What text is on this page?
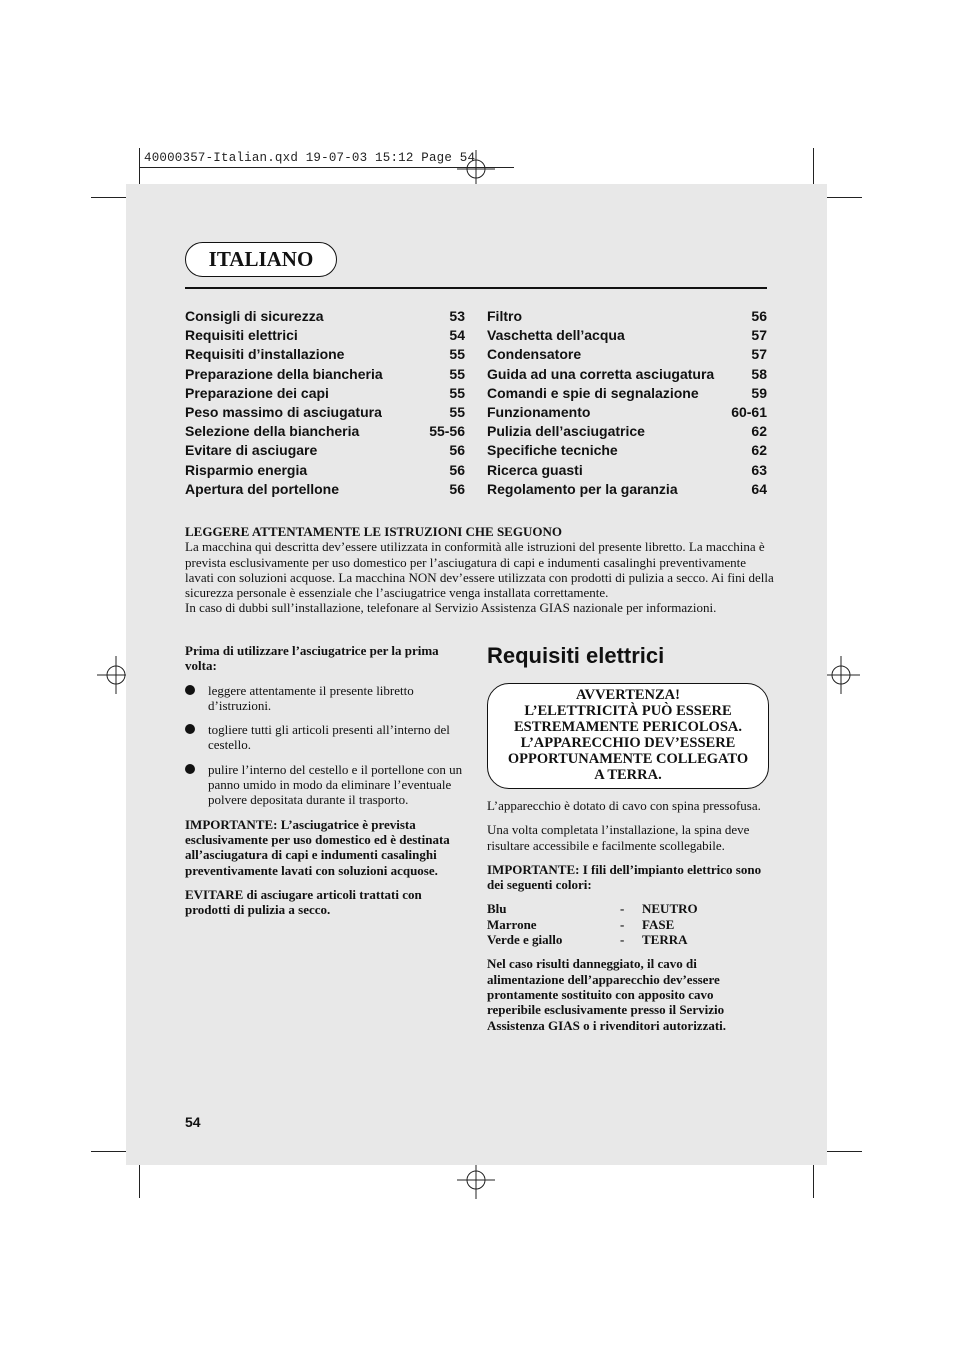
40000357-Italian.qxd 19-07-03 15:12 Page 54
ITALIANO
Consigli di sicurezza	53
Requisiti elettrici	54
Requisiti d’installazione	55
Preparazione della biancheria	55
Preparazione dei capi	55
Peso massimo di asciugatura	55
Selezione della biancheria	55-56
Evitare di asciugare	56
Risparmio energia	56
Apertura del portellone	56
Filtro	56
Vaschetta dell’acqua	57
Condensatore	57
Guida ad una corretta asciugatura	58
Comandi e spie di segnalazione	59
Funzionamento	60-61
Pulizia dell’asciugatrice	62
Specifiche tecniche	62
Ricerca guasti	63
Regolamento per la garanzia	64

LEGGERE ATTENTAMENTE LE ISTRUZIONI CHE SEGUONO

La macchina qui descritta dev’essere utilizzata in conformità alle istruzioni del presente libretto. La macchina è prevista esclusivamente per uso domestico per l’asciugatura di capi e indumenti casalinghi preventivamente lavati con soluzioni acquose. La macchina NON dev’essere utilizzata con prodotti di pulizia a secco. Ai fini della sicurezza personale è essenziale che l’asciugatrice venga installata correttamente.

In caso di dubbi sull’installazione, telefonare al Servizio Assistenza GIAS nazionale per informazioni.

Prima di utilizzare l’asciugatrice per la prima volta:

leggere attentamente il presente libretto d’istruzioni.
togliere tutti gli articoli presenti all’interno del cestello.
pulire l’interno del cestello e il portellone con un panno umido in modo da eliminare l’eventuale polvere depositata durante il trasporto.

IMPORTANTE: L’asciugatrice è prevista esclusivamente per uso domestico ed è destinata all’asciugatura di capi e indumenti casalinghi preventivamente lavati con soluzioni acquose.

EVITARE di asciugare articoli trattati con prodotti di pulizia a secco.

Requisiti elettrici
AVVERTENZA!
L’ELETTRICITÀ PUÒ ESSERE
ESTREMAMENTE PERICOLOSA.
L’APPARECCHIO DEV’ESSERE
OPPORTUNAMENTE COLLEGATO
A TERRA.

L’apparecchio è dotato di cavo con spina pressofusa.

Una volta completata l’installazione, la spina deve risultare accessibile e facilmente scollegabile.

IMPORTANTE: I fili dell’impianto elettrico sono dei seguenti colori:

Blu	-	NEUTRO
Marrone	-	FASE
Verde e giallo	-	TERRA

Nel caso risulti danneggiato, il cavo di alimentazione dell’apparecchio dev’essere prontamente sostituito con apposito cavo reperibile esclusivamente presso il Servizio Assistenza GIAS o i rivenditori autorizzati.

54
